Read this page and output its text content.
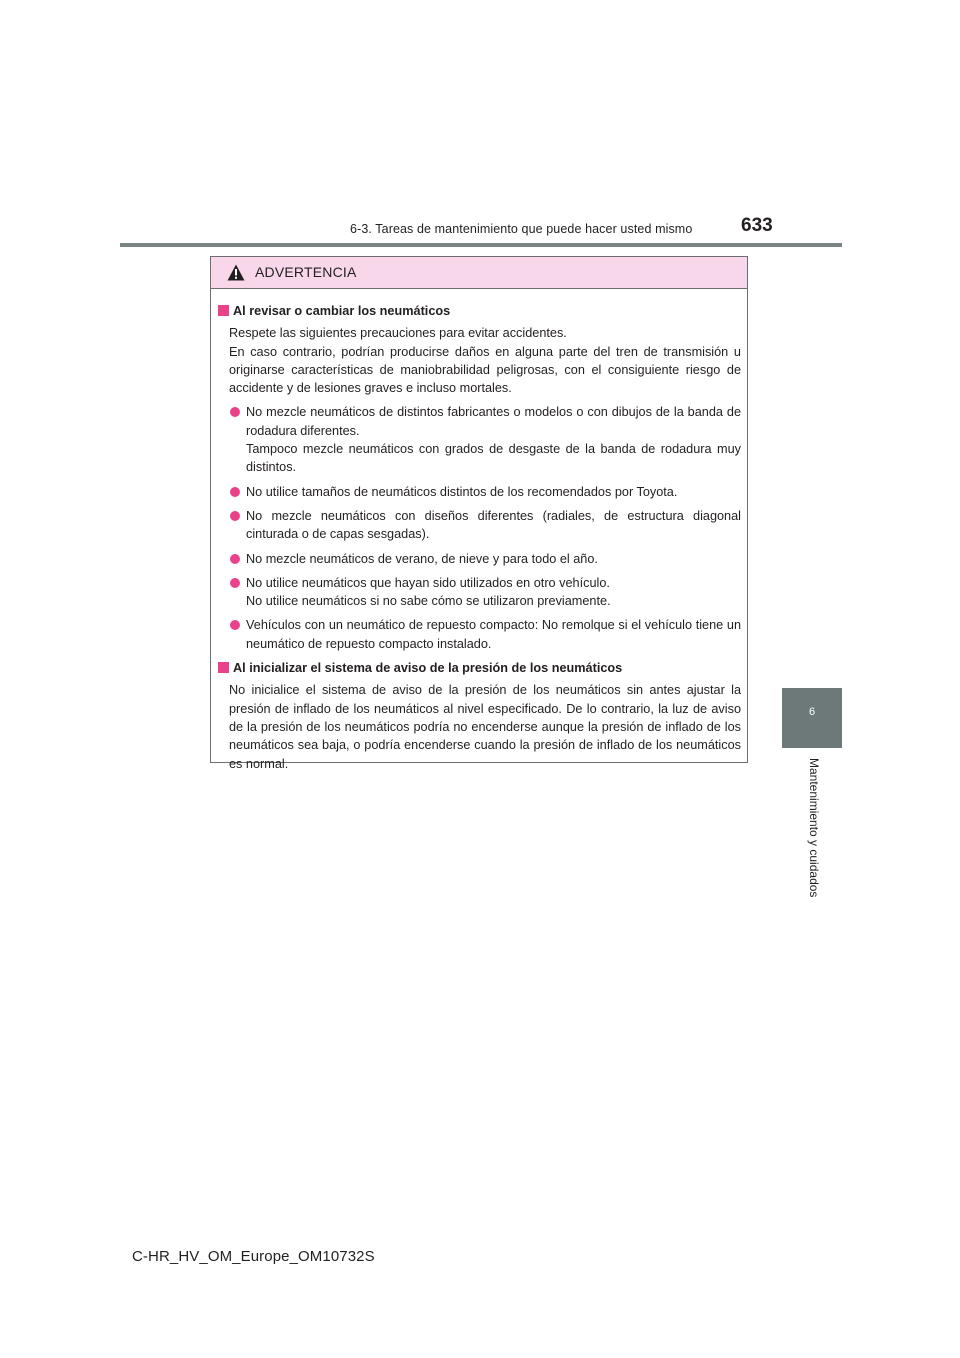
6-3. Tareas de mantenimiento que puede hacer usted mismo	633
6
Mantenimiento y cuidados
ADVERTENCIA
Al revisar o cambiar los neumáticos

Respete las siguientes precauciones para evitar accidentes.

En caso contrario, podrían producirse daños en alguna parte del tren de transmisión u originarse características de maniobrabilidad peligrosas, con el consiguiente riesgo de accidente y de lesiones graves e incluso mortales.

No mezcle neumáticos de distintos fabricantes o modelos o con dibujos de la banda de rodadura diferentes.

Tampoco mezcle neumáticos con grados de desgaste de la banda de rodadura muy distintos.

No utilice tamaños de neumáticos distintos de los recomendados por Toyota.

No mezcle neumáticos con diseños diferentes (radiales, de estructura diagonal cinturada o de capas sesgadas).

No mezcle neumáticos de verano, de nieve y para todo el año.

No utilice neumáticos que hayan sido utilizados en otro vehículo.

No utilice neumáticos si no sabe cómo se utilizaron previamente.

Vehículos con un neumático de repuesto compacto: No remolque si el vehículo tiene un neumático de repuesto compacto instalado.

Al inicializar el sistema de aviso de la presión de los neumáticos
No inicialice el sistema de aviso de la presión de los neumáticos sin antes ajustar la presión de inflado de los neumáticos al nivel especificado. De lo contrario, la luz de aviso de la presión de los neumáticos podría no encenderse aunque la presión de inflado de los neumáticos sea baja, o podría encenderse cuando la presión de inflado de los neumáticos es normal.
C-HR_HV_OM_Europe_OM10732S
